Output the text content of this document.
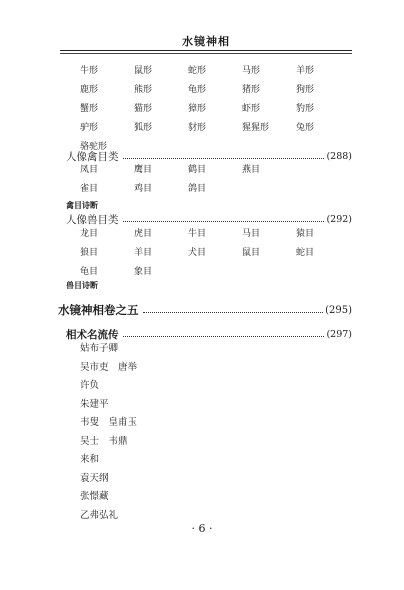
水镜神相
牛形	鼠形	蛇形	马形	羊形
鹿形	熊形	龟形	猪形	狗形
蟹形	猫形	獐形	虾形	豹形
驴形	狐形	豺形	猩猩形	兔形
骆驼形
人像禽目类	(288)
凤目	鹰目	鹤目	燕目
雀目	鸡目	鸽目
禽目诗断
人像兽目类	(292)
龙目	虎目	牛目	马目	猿目
狼目	羊目	犬目	鼠目	蛇目
龟目	象目
兽目诗断
水镜神相卷之五	(295)
相术名流传	(297)
姑布子卿
吴市吏　唐举
许负
朱建平
韦叟　皇甫玉
吴士　韦鼎
来和
袁天纲
张憬藏
乙弗弘礼
· 6 ·
